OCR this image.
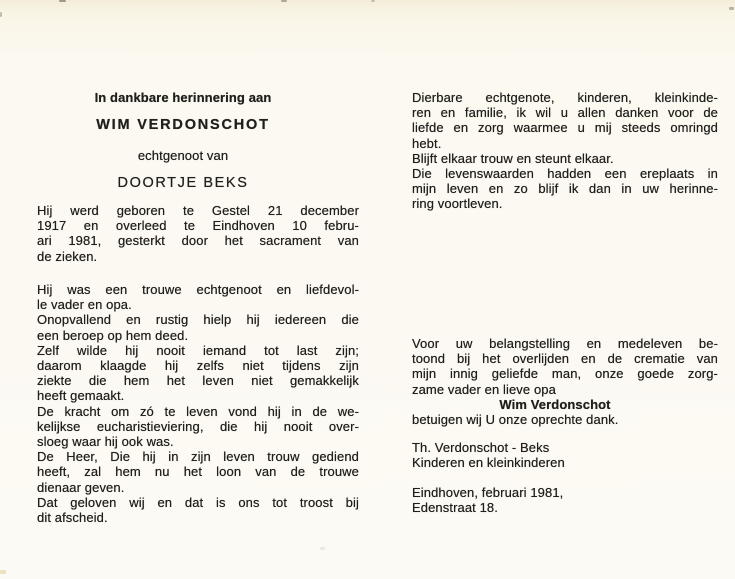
In dankbare herinnering aan
WIM VERDONSCHOT
echtgenoot van
DOORTJE BEKS
Hij werd geboren te Gestel 21 december
1917 en overleed te Eindhoven 10 febru-
ari 1981, gesterkt door het sacrament van
de zieken.
Hij was een trouwe echtgenoot en liefdevol-
le vader en opa.
Onopvallend en rustig hielp hij iedereen die
een beroep op hem deed.
Zelf wilde hij nooit iemand tot last zijn;
daarom klaagde hij zelfs niet tijdens zijn
ziekte die hem het leven niet gemakkelijk
heeft gemaakt.
De kracht om zó te leven vond hij in de we-
kelijkse eucharistieviering, die hij nooit over-
sloeg waar hij ook was.
De Heer, Die hij in zijn leven trouw gediend
heeft, zal hem nu het loon van de trouwe
dienaar geven.
Dat geloven wij en dat is ons tot troost bij
dit afscheid.
Dierbare echtgenote, kinderen, kleinkinde-
ren en familie, ik wil u allen danken voor de
liefde en zorg waarmee u mij steeds omringd
hebt.
Blijft elkaar trouw en steunt elkaar.
Die levenswaarden hadden een ereplaats in
mijn leven en zo blijf ik dan in uw herinne-
ring voortleven.
Voor uw belangstelling en medeleven be-
toond bij het overlijden en de crematie van
mijn innig geliefde man, onze goede zorg-
zame vader en lieve opa
Wim Verdonschot
betuigen wij U onze oprechte dank.
Th. Verdonschot - Beks
Kinderen en kleinkinderen
Eindhoven, februari 1981,
Edenstraat 18.
